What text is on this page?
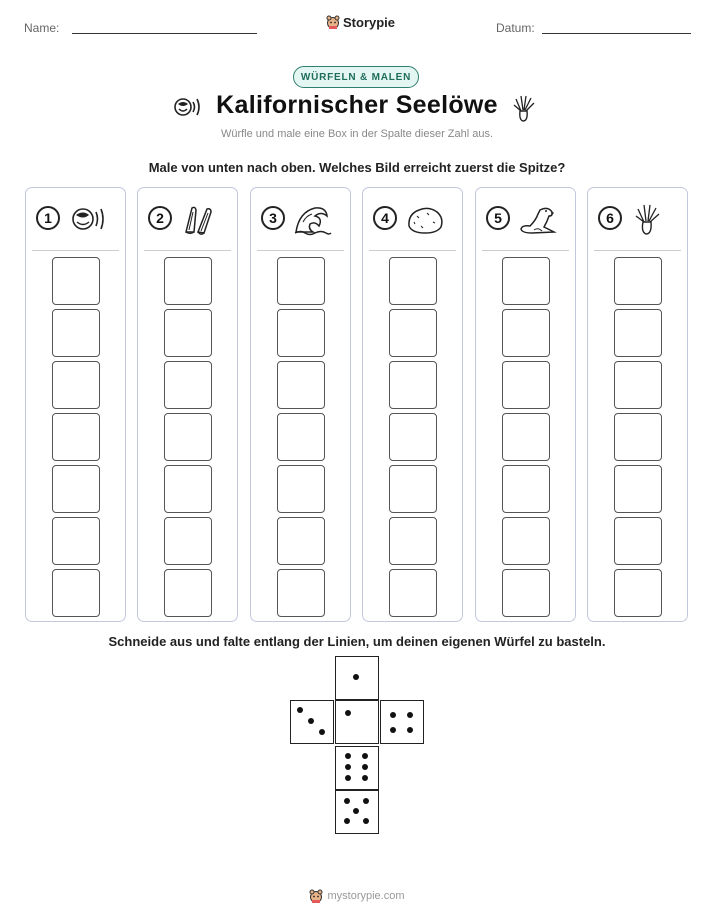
Name:	Storypie	Datum:
WÜRFELN & MALEN
Kalifornischer Seelöwe
Würfle und male eine Box in der Spalte dieser Zahl aus.
Male von unten nach oben. Welches Bild erreicht zuerst die Spitze?
1	2	3	4	5	6
Schneide aus und falte entlang der Linien, um deinen eigenen Würfel zu basteln.
mystorypie.com
